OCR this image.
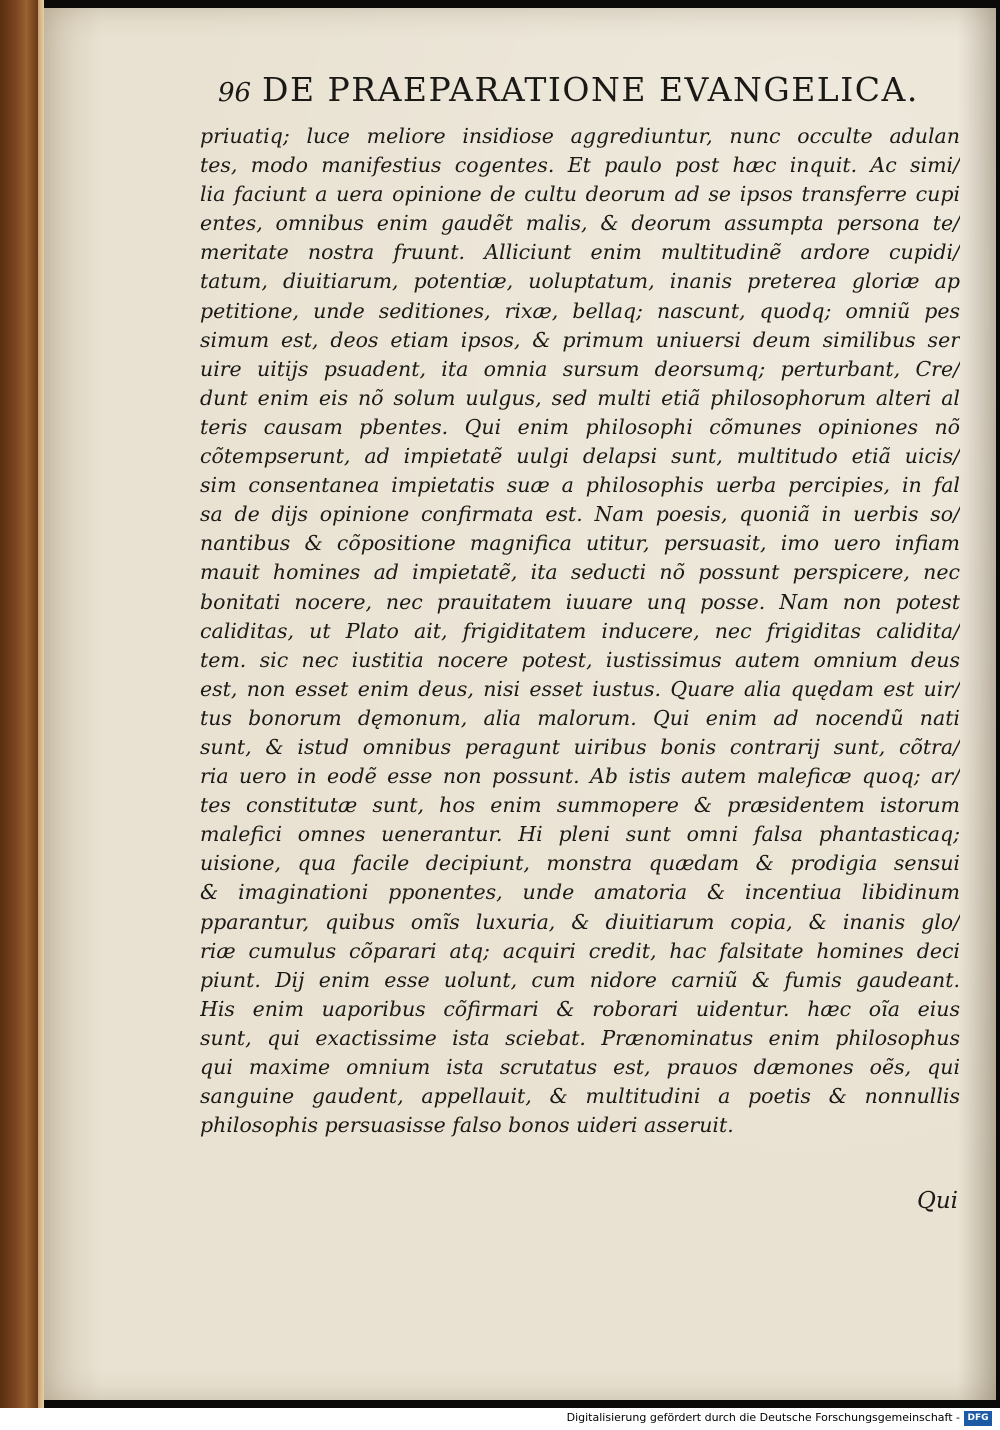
96 DE PRAEPARATIONE EVANGELICA.
priuatiq; luce meliore insidiose aggrediuntur, nunc occulte adulan
tes, modo manifestius cogentes. Et paulo post hæc inquit. Ac simi/
lia faciunt a uera opinione de cultu deorum ad se ipsos transferre cupi
entes, omnibus enim gaudẽt malis, & deorum assumpta persona te/
meritate nostra fruunt. Alliciunt enim multitudinẽ ardore cupidi/
tatum, diuitiarum, potentiæ, uoluptatum, inanis preterea gloriæ ap
petitione, unde seditiones, rixæ, bellaq; nascunt, quodq; omniũ pes
simum est, deos etiam ipsos, & primum uniuersi deum similibus ser
uire uitijs psuadent, ita omnia sursum deorsumq; perturbant, Cre/
dunt enim eis nõ solum uulgus, sed multi etiã philosophorum alteri al
teris causam pbentes. Qui enim philosophi cõmunes opiniones nõ
cõtempserunt, ad impietatẽ uulgi delapsi sunt, multitudo etiã uicis/
sim consentanea impietatis suæ a philosophis uerba percipies, in fal
sa de dijs opinione confirmata est. Nam poesis, quoniã in uerbis so/
nantibus & cõpositione magnifica utitur, persuasit, imo uero infiam
mauit homines ad impietatẽ, ita seducti nõ possunt perspicere, nec
bonitati nocere, nec prauitatem iuuare unq posse. Nam non potest
caliditas, ut Plato ait, frigiditatem inducere, nec frigiditas calidita/
tem. sic nec iustitia nocere potest, iustissimus autem omnium deus
est, non esset enim deus, nisi esset iustus. Quare alia quędam est uir/
tus bonorum dęmonum, alia malorum. Qui enim ad nocendũ nati
sunt, & istud omnibus peragunt uiribus bonis contrarij sunt, cõtra/
ria uero in eodẽ esse non possunt. Ab istis autem maleficæ quoq; ar/
tes constitutæ sunt, hos enim summopere & præsidentem istorum
malefici omnes uenerantur. Hi pleni sunt omni falsa phantasticaq;
uisione, qua facile decipiunt, monstra quædam & prodigia sensui
& imaginationi pponentes, unde amatoria & incentiua libidinum
pparantur, quibus omĩs luxuria, & diuitiarum copia, & inanis glo/
riæ cumulus cõparari atq; acquiri credit, hac falsitate homines deci
piunt. Dij enim esse uolunt, cum nidore carniũ & fumis gaudeant.
His enim uaporibus cõfirmari & roborari uidentur. hæc oĩa eius
sunt, qui exactissime ista sciebat. Prænominatus enim philosophus
qui maxime omnium ista scrutatus est, prauos dæmones oẽs, qui
sanguine gaudent, appellauit, & multitudini a poetis & nonnullis
philosophis persuasisse falso bonos uideri asseruit.
Qui
Digitalisierung gefördert durch die Deutsche Forschungsgemeinschaft - DFG
